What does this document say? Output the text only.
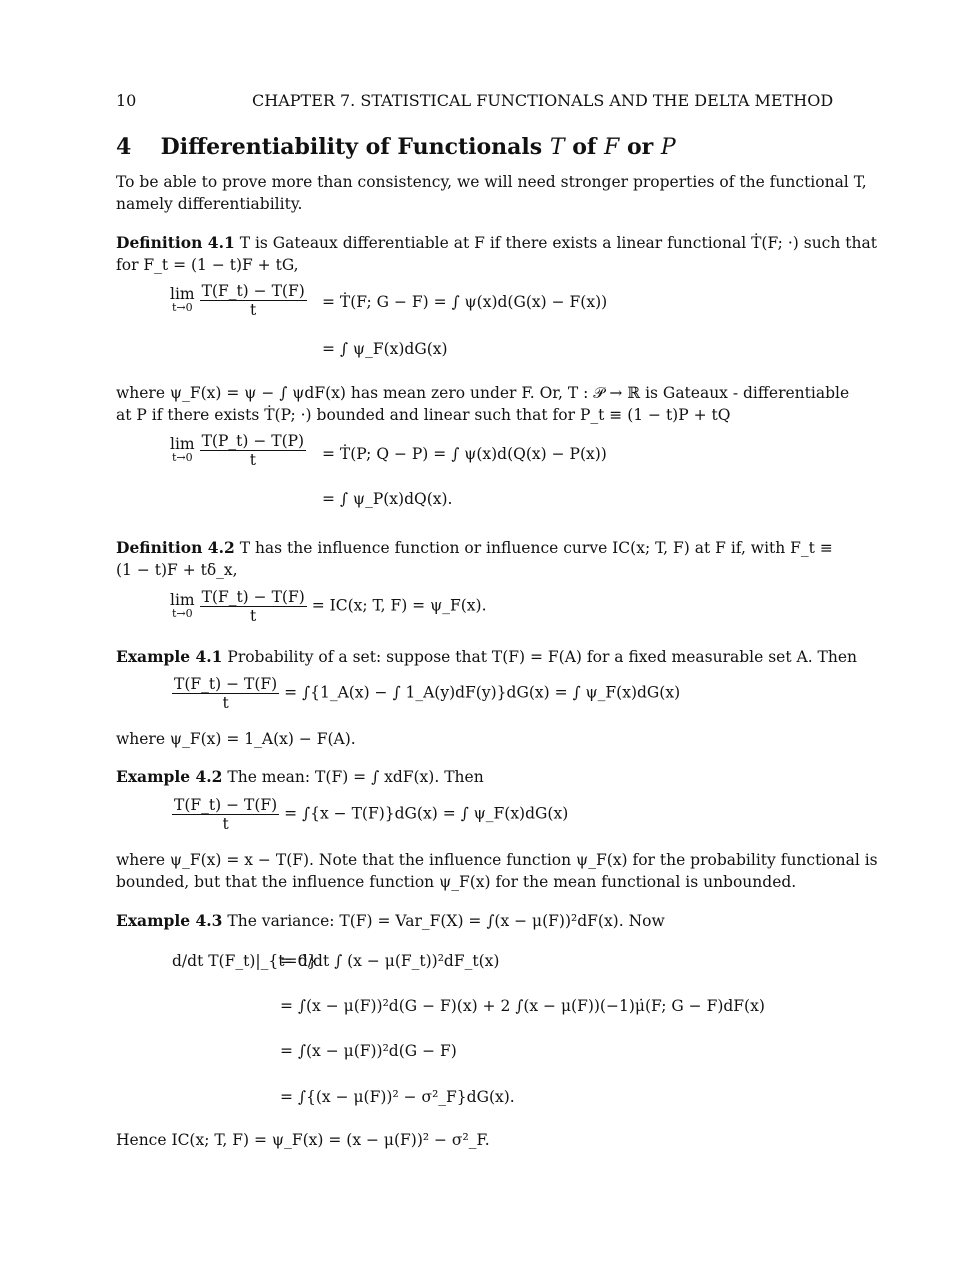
10	CHAPTER 7. STATISTICAL FUNCTIONALS AND THE DELTA METHOD
4 Differentiability of Functionals T of F or P
To be able to prove more than consistency, we will need stronger properties of the functional T,
namely differentiability.
Definition 4.1 T is Gateaux differentiable at F if there exists a linear functional Ṫ(F; ·) such that
for F_t = (1 − t)F + tG,
lim
t→0
$\frac{T(F\_t) - T(F)}{t}$ = Ṫ(F; G − F) = ∫ ψ(x)d(G(x) − F(x))
= ∫ ψ_F(x)dG(x)
where ψ_F(x) = ψ − ∫ ψdF(x) has mean zero under F. Or, T : 𝒫 → ℝ is Gateaux - differentiable
at P if there exists Ṫ(P; ·) bounded and linear such that for P_t ≡ (1 − t)P + tQ
lim
t→0
$\frac{T(P\_t) - T(P)}{t}$ = Ṫ(P; Q − P) = ∫ ψ(x)d(Q(x) − P(x))
= ∫ ψ_P(x)dQ(x).
Definition 4.2 T has the influence function or influence curve IC(x; T, F) at F if, with F_t ≡
(1 − t)F + tδ_x,
lim
t→0
$\frac{T(F\_t) - T(F)}{t} = IC(x$; T, F) = ψ_F(x).
Example 4.1 Probability of a set: suppose that T(F) = F(A) for a fixed measurable set A. Then
$\frac{T(F\_t) - T(F)}{t}$ = ∫{1_A(x) − ∫ 1_A(y)dF(y)}dG(x) = ∫ ψ_F(x)dG(x)
where ψ_F(x) = 1_A(x) − F(A).
Example 4.2 The mean: T(F) = ∫ xdF(x). Then
$\frac{T(F\_t) - T(F)}{t} = \int\{x - T(F)\}dG(x)$ = ∫ ψ_F(x)dG(x)
where ψ_F(x) = x − T(F). Note that the influence function ψ_F(x) for the probability functional is
bounded, but that the influence function ψ_F(x) for the mean functional is unbounded.
Example 4.3 The variance: T(F) = Var_F(X) = ∫(x − μ(F))²dF(x). Now
d/dt T(F_t)|_{t=0}
= d/dt ∫ (x − μ(F_t))²dF_t(x)
= ∫(x − μ(F))²d(G − F)(x) + 2 ∫(x − μ(F))(−1)μ̇(F; G − F)dF(x)
= ∫(x − μ(F))²d(G − F)
= ∫{(x − μ(F))² − σ²_F}dG(x).
Hence IC(x; T, F) = ψ_F(x) = (x − μ(F))² − σ²_F.
